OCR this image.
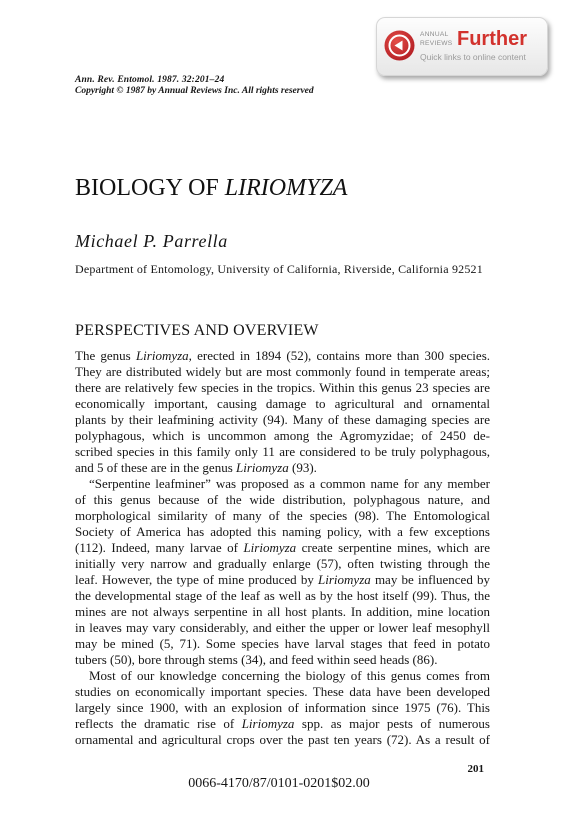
ANNUAL
REVIEWS Further
Quick links to online content
Ann. Rev. Entomol. 1987. 32:201–24
Copyright © 1987 by Annual Reviews Inc. All rights reserved
BIOLOGY OF LIRIOMYZA
Michael P. Parrella
Department of Entomology, University of California, Riverside, California 92521
PERSPECTIVES AND OVERVIEW
The genus Liriomyza, erected in 1894 (52), contains more than 300 species.
They are distributed widely but are most commonly found in temperate areas;
there are relatively few species in the tropics. Within this genus 23 species are
economically important, causing damage to agricultural and ornamental
plants by their leafmining activity (94). Many of these damaging species are
polyphagous, which is uncommon among the Agromyzidae; of 2450 de-
scribed species in this family only 11 are considered to be truly polyphagous,
and 5 of these are in the genus Liriomyza (93).
“Serpentine leafminer” was proposed as a common name for any member
of this genus because of the wide distribution, polyphagous nature, and
morphological similarity of many of the species (98). The Entomological
Society of America has adopted this naming policy, with a few exceptions
(112). Indeed, many larvae of Liriomyza create serpentine mines, which are
initially very narrow and gradually enlarge (57), often twisting through the
leaf. However, the type of mine produced by Liriomyza may be influenced by
the developmental stage of the leaf as well as by the host itself (99). Thus, the
mines are not always serpentine in all host plants. In addition, mine location
in leaves may vary considerably, and either the upper or lower leaf mesophyll
may be mined (5, 71). Some species have larval stages that feed in potato
tubers (50), bore through stems (34), and feed within seed heads (86).
Most of our knowledge concerning the biology of this genus comes from
studies on economically important species. These data have been developed
largely since 1900, with an explosion of information since 1975 (76). This
reflects the dramatic rise of Liriomyza spp. as major pests of numerous
ornamental and agricultural crops over the past ten years (72). As a result of
201
0066-4170/87/0101-0201$02.00
